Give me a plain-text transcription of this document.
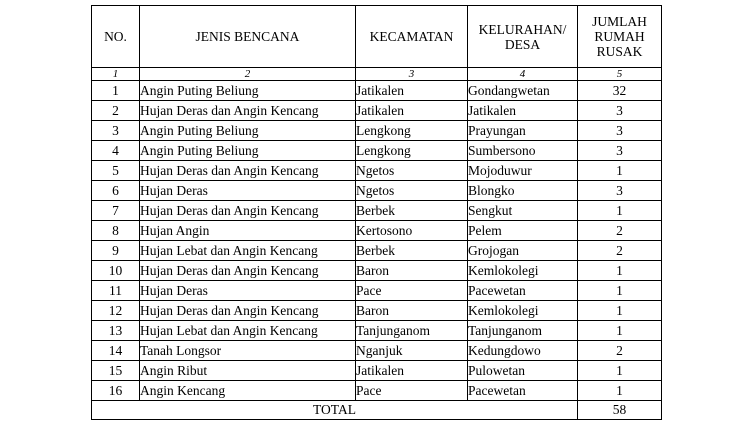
NO.	JENIS BENCANA	KECAMATAN	KELURAHAN/ DESA	JUMLAH RUMAH RUSAK
1	2	3	4	5
1	Angin Puting Beliung	Jatikalen	Gondangwetan	32
2	Hujan Deras dan Angin Kencang	Jatikalen	Jatikalen	3
3	Angin Puting Beliung	Lengkong	Prayungan	3
4	Angin Puting Beliung	Lengkong	Sumbersono	3
5	Hujan Deras dan Angin Kencang	Ngetos	Mojoduwur	1
6	Hujan Deras	Ngetos	Blongko	3
7	Hujan Deras dan Angin Kencang	Berbek	Sengkut	1
8	Hujan Angin	Kertosono	Pelem	2
9	Hujan Lebat dan Angin Kencang	Berbek	Grojogan	2
10	Hujan Deras dan Angin Kencang	Baron	Kemlokolegi	1
11	Hujan Deras	Pace	Pacewetan	1
12	Hujan Deras dan Angin Kencang	Baron	Kemlokolegi	1
13	Hujan Lebat dan Angin Kencang	Tanjunganom	Tanjunganom	1
14	Tanah Longsor	Nganjuk	Kedungdowo	2
15	Angin Ribut	Jatikalen	Pulowetan	1
16	Angin Kencang	Pace	Pacewetan	1
TOTAL				58
